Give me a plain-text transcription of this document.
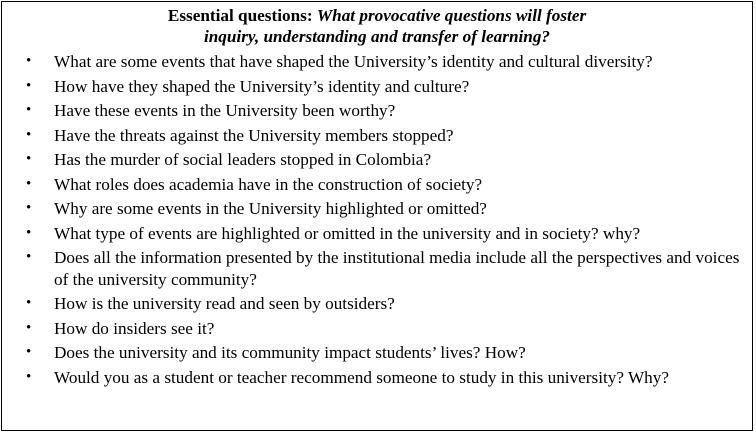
Essential questions: What provocative questions will foster
inquiry, understanding and transfer of learning?
• What are some events that have shaped the University’s identity and cultural diversity?
• How have they shaped the University’s identity and culture?
• Have these events in the University been worthy?
• Have the threats against the University members stopped?
• Has the murder of social leaders stopped in Colombia?
• What roles does academia have in the construction of society?
• Why are some events in the University highlighted or omitted?
• What type of events are highlighted or omitted in the university and in society? why?
• Does all the information presented by the institutional media include all the perspectives and voices of the university community?
• How is the university read and seen by outsiders?
• How do insiders see it?
• Does the university and its community impact students’ lives? How?
• Would you as a student or teacher recommend someone to study in this university? Why?
